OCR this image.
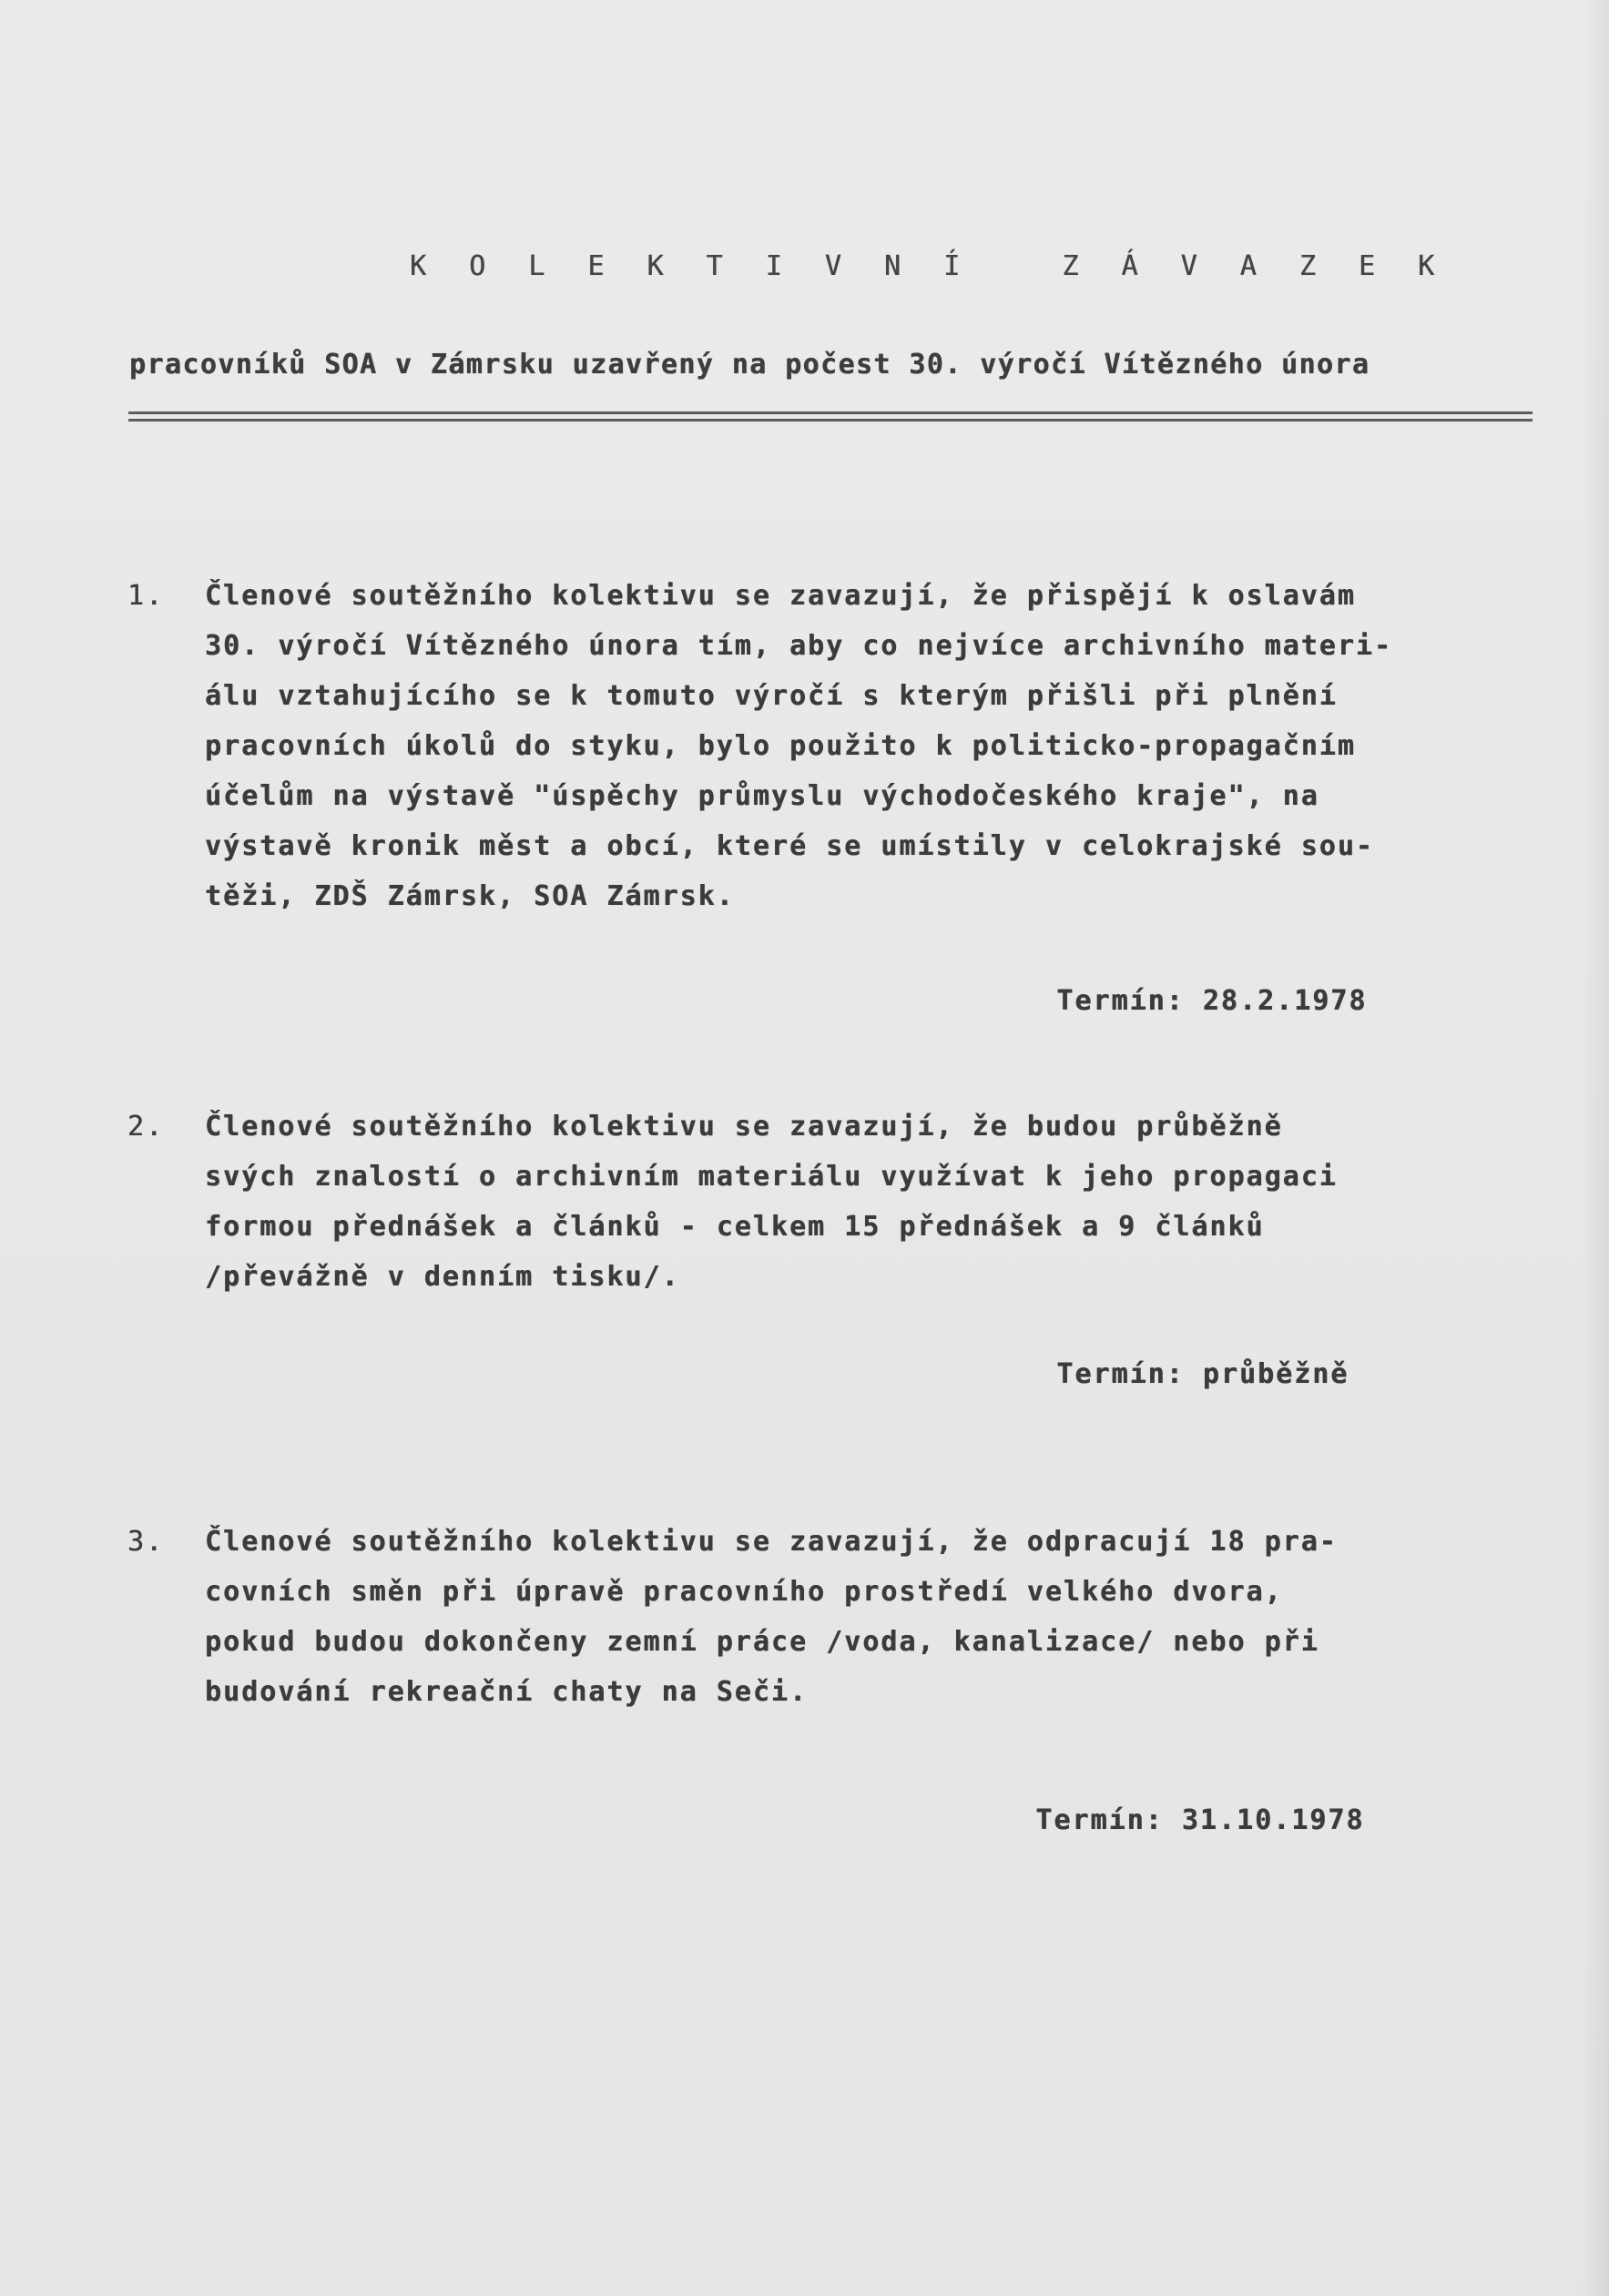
K O L E K T I V N Í   Z Á V A Z E K
pracovníků SOA v Zámrsku uzavřený na počest 30. výročí Vítězného února
1. Členové soutěžního kolektivu se zavazují, že přispějí k oslavám
30. výročí Vítězného února tím, aby co nejvíce archivního materi-
álu vztahujícího se k tomuto výročí s kterým přišli při plnění
pracovních úkolů do styku, bylo použito k politicko-propagačním
účelům na výstavě "úspěchy průmyslu východočeského kraje", na
výstavě kronik měst a obcí, které se umístily v celokrajské sou-
těži, ZDŠ Zámrsk, SOA Zámrsk.

Termín: 28.2.1978

2. Členové soutěžního kolektivu se zavazují, že budou průběžně
svých znalostí o archivním materiálu využívat k jeho propagaci
formou přednášek a článků - celkem 15 přednášek a 9 článků
/převážně v denním tisku/.

Termín: průběžně

3. Členové soutěžního kolektivu se zavazují, že odpracují 18 pra-
covních směn při úpravě pracovního prostředí velkého dvora,
pokud budou dokončeny zemní práce /voda, kanalizace/ nebo při
budování rekreační chaty na Seči.

Termín: 31.10.1978
